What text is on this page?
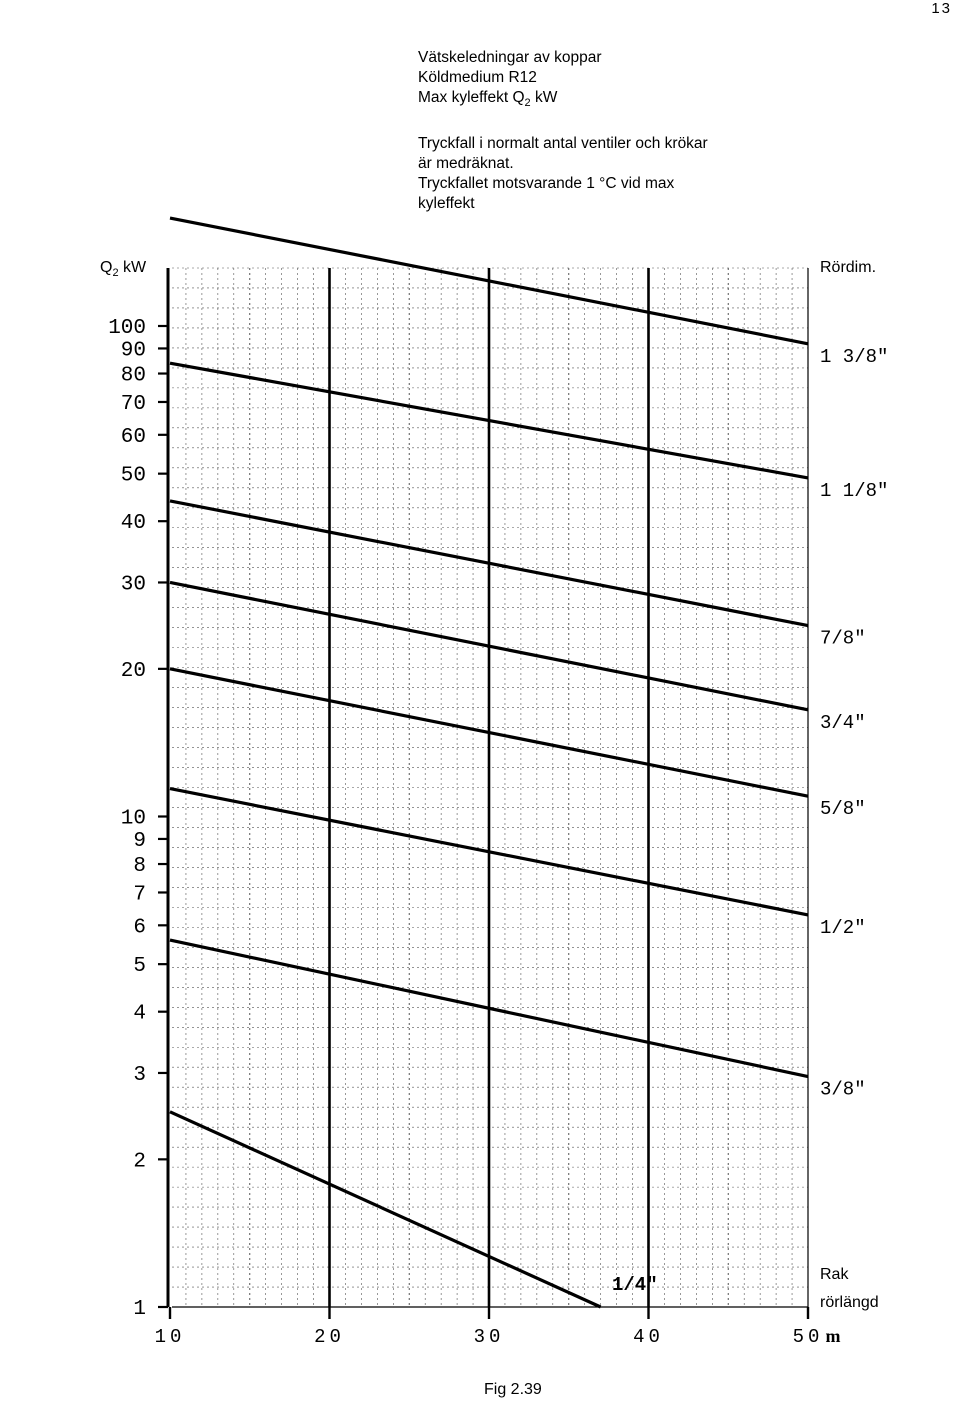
13
Vätskeledningar av koppar
Köldmedium R12
Max kyleffekt $Q_2$ kW
Tryckfall i normalt antal ventiler och krökar
är medräknat.
Tryckfallet motsvarande 1 °C vid max
kyleffekt
100
90
80
70
60
50
40
30
20
10
9
8
7
6
5
4
3
2
1
10	20	30	40	50 m
1 3/8"
1 1/8"
7/8"
3/4"
5/8"
1/2"
3/8"
1/4"
$Q_2$ kW	Rördim.
Rak
rörlängd
Fig 2.39
